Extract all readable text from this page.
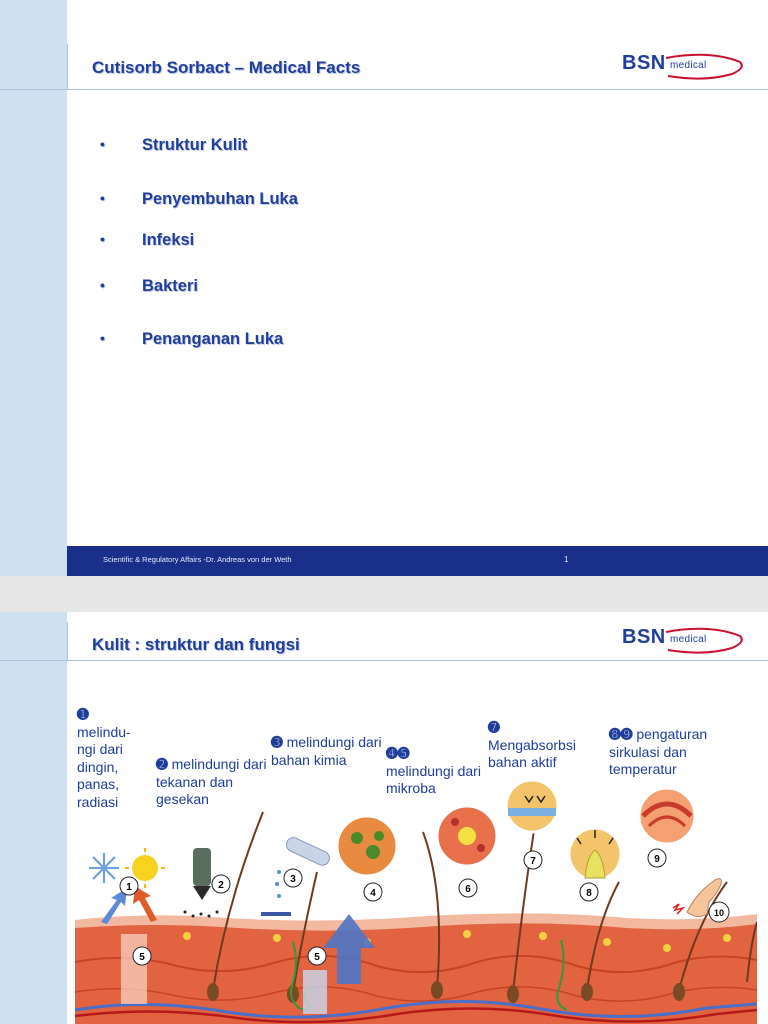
Cutisorb Sorbact – Medical Facts	BSN medical
• Struktur Kulit
• Penyembuhan Luka
• Infeksi
• Bakteri
• Penanganan Luka
Scientific & Regulatory Affairs -Dr. Andreas von der Weth	1
Kulit : struktur dan fungsi	BSN medical
➊
melindu-ngi dari dingin, panas, radiasi
➋ melindungi dari tekanan dan gesekan
➌ melindungi dari bahan kimia	➍➎
melindungi dari mikroba
➐
Mengabsorbsi bahan aktif
➑➒ pengaturan sirkulasi dan temperatur
1	2
3
4
5	5
6
7
8
9
10
